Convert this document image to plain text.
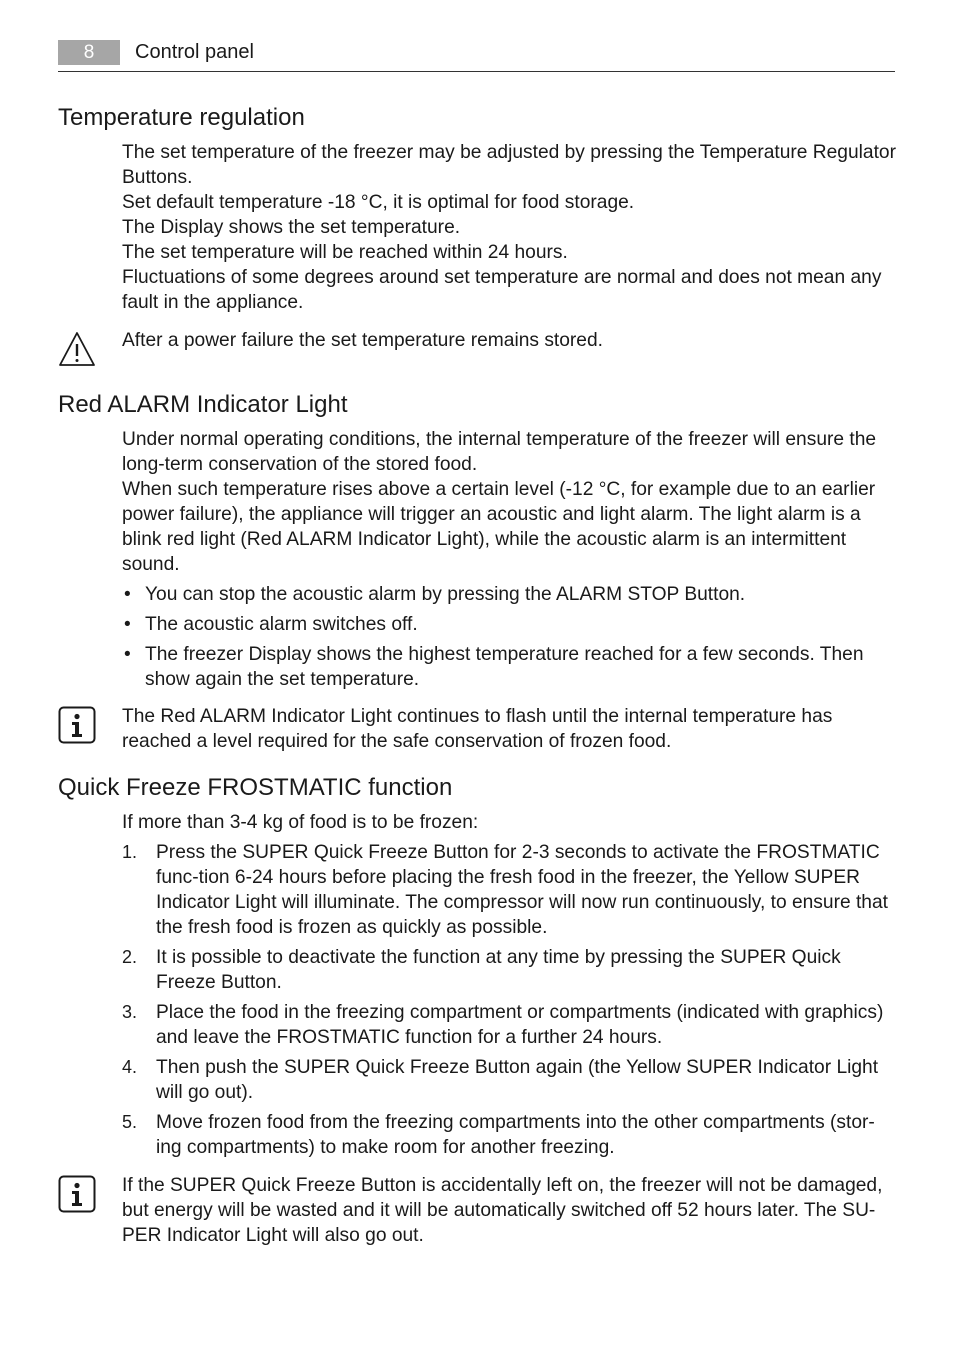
8	Control panel
Temperature regulation

The set temperature of the freezer may be adjusted by pressing the Temperature Regulator Buttons.

Set default temperature -18 °C, it is optimal for food storage.

The Display shows the set temperature.

The set temperature will be reached within 24 hours.

Fluctuations of some degrees around set temperature are normal and does not mean any fault in the appliance.

After a power failure the set temperature remains stored.
Red ALARM Indicator Light

Under normal operating conditions, the internal temperature of the freezer will ensure the long-term conservation of the stored food.

When such temperature rises above a certain level (-12 °C, for example due to an earlier power failure), the appliance will trigger an acoustic and light alarm. The light alarm is a blink red light (Red ALARM Indicator Light), while the acoustic alarm is an intermittent sound.

• You can stop the acoustic alarm by pressing the ALARM STOP Button.
• The acoustic alarm switches off.
• The freezer Display shows the highest temperature reached for a few seconds. Then show again the set temperature.
The Red ALARM Indicator Light continues to flash until the internal temperature has reached a level required for the safe conservation of frozen food.
Quick Freeze FROSTMATIC function
If more than 3-4 kg of food is to be frozen:
1. Press the SUPER Quick Freeze Button for 2-3 seconds to activate the FROSTMATIC func-tion 6-24 hours before placing the fresh food in the freezer, the Yellow SUPER Indicator Light will illuminate. The compressor will now run continuously, to ensure that the fresh food is frozen as quickly as possible.
2. It is possible to deactivate the function at any time by pressing the SUPER Quick Freeze Button.
3. Place the food in the freezing compartment or compartments (indicated with graphics) and leave the FROSTMATIC function for a further 24 hours.
4. Then push the SUPER Quick Freeze Button again (the Yellow SUPER Indicator Light will go out).
5. Move frozen food from the freezing compartments into the other compartments (stor-ing compartments) to make room for another freezing.
If the SUPER Quick Freeze Button is accidentally left on, the freezer will not be damaged, but energy will be wasted and it will be automatically switched off 52 hours later. The SU-PER Indicator Light will also go out.
